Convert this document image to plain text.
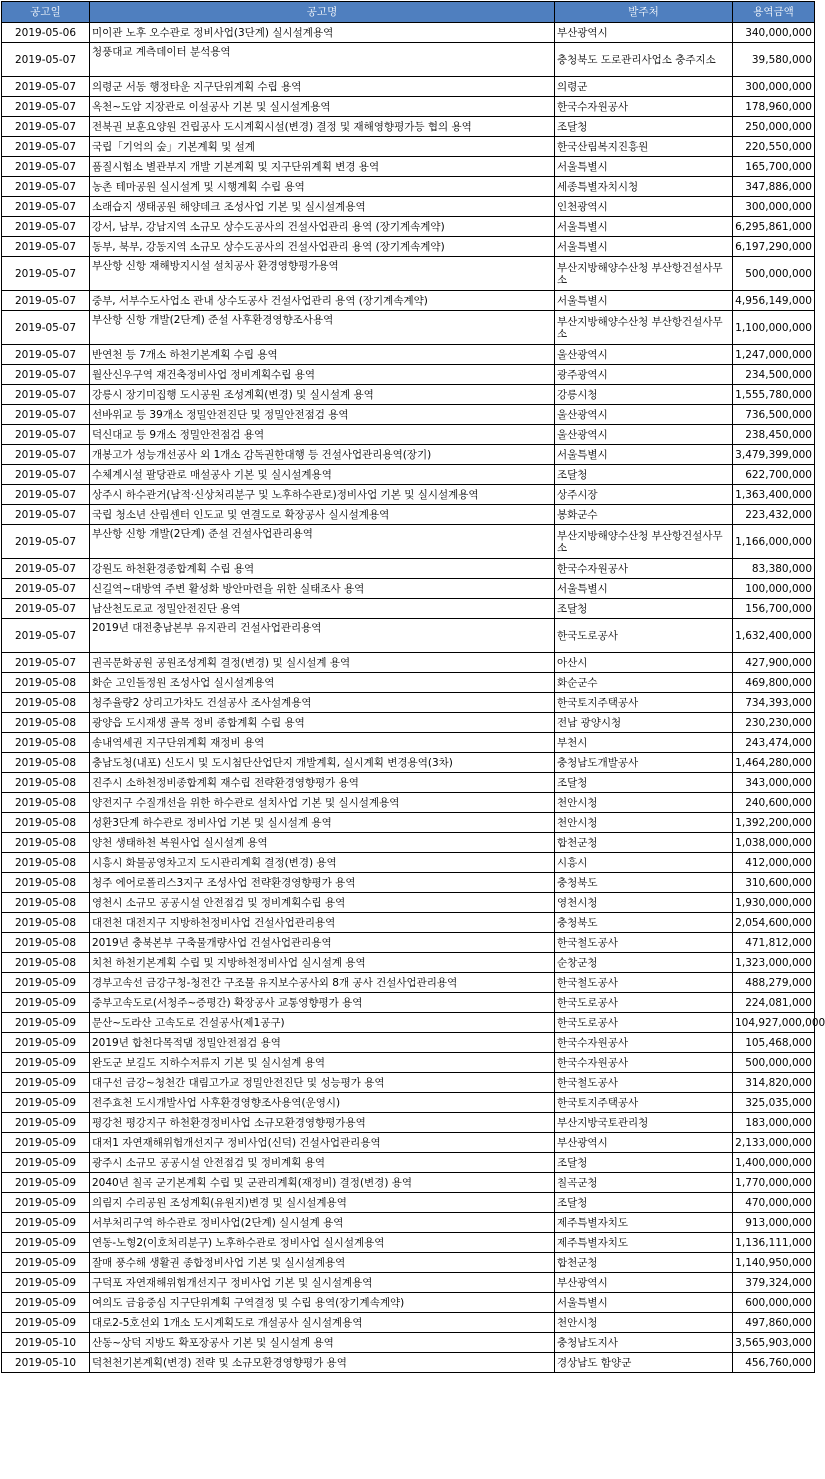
공고일	공고명	발주처	용역금액
2019-05-06	미이관 노후 오수관로 정비사업(3단계) 실시설계용역	부산광역시	340,000,000
2019-05-07	청풍대교 계측데이터 분석용역	충청북도 도로관리사업소 충주지소	39,580,000
2019-05-07	의령군 서동 행정타운 지구단위계획 수립 용역	의령군	300,000,000
2019-05-07	옥천~도암 지장관로 이설공사 기본 및 실시설계용역	한국수자원공사	178,960,000
2019-05-07	전북권 보훈요양원 건립공사 도시계획시설(변경) 결정 및 재해영향평가등 협의 용역	조달청	250,000,000
2019-05-07	국립「기억의 숲」기본계획 및 설계	한국산림복지진흥원	220,550,000
2019-05-07	품질시험소 별관부지 개발 기본계획 및 지구단위계획 변경 용역	서울특별시	165,700,000
2019-05-07	농촌 테마공원 실시설계 및 시행계획 수립 용역	세종특별자치시청	347,886,000
2019-05-07	소래습지 생태공원 해양데크 조성사업 기본 및 실시설계용역	인천광역시	300,000,000
2019-05-07	강서, 남부, 강남지역 소규모 상수도공사의 건설사업관리 용역 (장기계속계약)	서울특별시	6,295,861,000
2019-05-07	동부, 북부, 강동지역 소규모 상수도공사의 건설사업관리 용역 (장기계속계약)	서울특별시	6,197,290,000
2019-05-07	부산항 신항 재해방지시설 설치공사 환경영향평가용역	부산지방해양수산청 부산항건설사무소	500,000,000
2019-05-07	중부, 서부수도사업소 관내 상수도공사 건설사업관리 용역 (장기계속계약)	서울특별시	4,956,149,000
2019-05-07	부산항 신항 개발(2단계) 준설 사후환경영향조사용역	부산지방해양수산청 부산항건설사무소	1,100,000,000
2019-05-07	반연천 등 7개소 하천기본계획 수립 용역	울산광역시	1,247,000,000
2019-05-07	월산신우구역 재건축정비사업 정비계획수립 용역	광주광역시	234,500,000
2019-05-07	강릉시 장기미집행 도시공원 조성계획(변경) 및 실시설계 용역	강릉시청	1,555,780,000
2019-05-07	선바위교 등 39개소 정밀안전진단 및 정밀안전점검 용역	울산광역시	736,500,000
2019-05-07	덕신대교 등 9개소 정밀안전점검 용역	울산광역시	238,450,000
2019-05-07	개봉고가 성능개선공사 외 1개소 감독권한대행 등 건설사업관리용역(장기)	서울특별시	3,479,399,000
2019-05-07	수체계시설 팔당관로 매설공사 기본 및 실시설계용역	조달청	622,700,000
2019-05-07	상주시 하수관거(남적·신상처리분구 및 노후하수관로)정비사업 기본 및 실시설계용역	상주시장	1,363,400,000
2019-05-07	국립 청소년 산림센터 인도교 및 연결도로 확장공사 실시설계용역	봉화군수	223,432,000
2019-05-07	부산항 신항 개발(2단계) 준설 건설사업관리용역	부산지방해양수산청 부산항건설사무소	1,166,000,000
2019-05-07	강원도 하천환경종합계획 수립 용역	한국수자원공사	83,380,000
2019-05-07	신길역~대방역 주변 활성화 방안마련을 위한 실태조사 용역	서울특별시	100,000,000
2019-05-07	남산천도로교 정밀안전진단 용역	조달청	156,700,000
2019-05-07	2019년 대전충남본부 유지관리 건설사업관리용역	한국도로공사	1,632,400,000
2019-05-07	권곡문화공원 공원조성계획 결정(변경) 및 실시설계 용역	아산시	427,900,000
2019-05-08	화순 고인돌정원 조성사업 실시설계용역	화순군수	469,800,000
2019-05-08	청주율량2 상리고가차도 건설공사 조사설계용역	한국토지주택공사	734,393,000
2019-05-08	광양읍 도시재생 골목 정비 종합계획 수립 용역	전남 광양시청	230,230,000
2019-05-08	송내역세권 지구단위계획 재정비 용역	부천시	243,474,000
2019-05-08	충남도청(내포) 신도시 및 도시첨단산업단지 개발계획, 실시계획 변경용역(3차)	충청남도개발공사	1,464,280,000
2019-05-08	진주시 소하천정비종합계획 재수립 전략환경영향평가 용역	조달청	343,000,000
2019-05-08	양전지구 수질개선을 위한 하수관로 설치사업 기본 및 실시설계용역	천안시청	240,600,000
2019-05-08	성환3단계 하수관로 정비사업 기본 및 실시설계 용역	천안시청	1,392,200,000
2019-05-08	양천 생태하천 복원사업 실시설계 용역	합천군청	1,038,000,000
2019-05-08	시흥시 화물공영차고지 도시관리계획 결정(변경) 용역	시흥시	412,000,000
2019-05-08	청주 에어로폴리스3지구 조성사업 전략환경영향평가 용역	충청북도	310,600,000
2019-05-08	영천시 소규모 공공시설 안전점검 및 정비계획수립 용역	영천시청	1,930,000,000
2019-05-08	대전천 대전지구 지방하천정비사업 건설사업관리용역	충청북도	2,054,600,000
2019-05-08	2019년 충북본부 구축물개량사업 건설사업관리용역	한국철도공사	471,812,000
2019-05-08	치천 하천기본계획 수립 및 지방하천정비사업 실시설계 용역	순창군청	1,323,000,000
2019-05-09	경부고속선 금강구청-청전간 구조물 유지보수공사외 8개 공사 건설사업관리용역	한국철도공사	488,279,000
2019-05-09	중부고속도로(서청주~증평간) 확장공사 교통영향평가 용역	한국도로공사	224,081,000
2019-05-09	문산~도라산 고속도로 건설공사(제1공구)	한국도로공사	104,927,000,000
2019-05-09	2019년 합천다목적댐 정밀안전점검 용역	한국수자원공사	105,468,000
2019-05-09	완도군 보길도 지하수저류지 기본 및 실시설계 용역	한국수자원공사	500,000,000
2019-05-09	대구선 금강~청천간 대림고가교 정밀안전진단 및 성능평가 용역	한국철도공사	314,820,000
2019-05-09	전주효천 도시개발사업 사후환경영향조사용역(운영시)	한국토지주택공사	325,035,000
2019-05-09	평강천 평강지구 하천환경정비사업 소규모환경영향평가용역	부산지방국토관리청	183,000,000
2019-05-09	대저1 자연재해위험개선지구 정비사업(신덕) 건설사업관리용역	부산광역시	2,133,000,000
2019-05-09	광주시 소규모 공공시설 안전점검 및 정비계획 용역	조달청	1,400,000,000
2019-05-09	2040년 칠곡 군기본계획 수립 및 군관리계획(재정비) 결정(변경) 용역	칠곡군청	1,770,000,000
2019-05-09	의림지 수리공원 조성계획(유원지)변경 및 실시설계용역	조달청	470,000,000
2019-05-09	서부처리구역 하수관로 정비사업(2단계) 실시설계 용역	제주특별자치도	913,000,000
2019-05-09	연동-노형2(이호처리분구) 노후하수관로 정비사업 실시설계용역	제주특별자치도	1,136,111,000
2019-05-09	잘매 풍수해 생활권 종합정비사업 기본 및 실시설계용역	합천군청	1,140,950,000
2019-05-09	구덕포 자연재해위험개선지구 정비사업 기본 및 실시설계용역	부산광역시	379,324,000
2019-05-09	여의도 금융중심 지구단위계획 구역결정 및 수립 용역(장기계속계약)	서울특별시	600,000,000
2019-05-09	대로2-5호선외 1개소 도시계획도로 개설공사 실시설계용역	천안시청	497,860,000
2019-05-10	산동~상덕 지방도 확포장공사 기본 및 실시설계 용역	충청남도지사	3,565,903,000
2019-05-10	덕천천기본계획(변경) 전략 및 소규모환경영향평가 용역	경상남도 함양군	456,760,000
